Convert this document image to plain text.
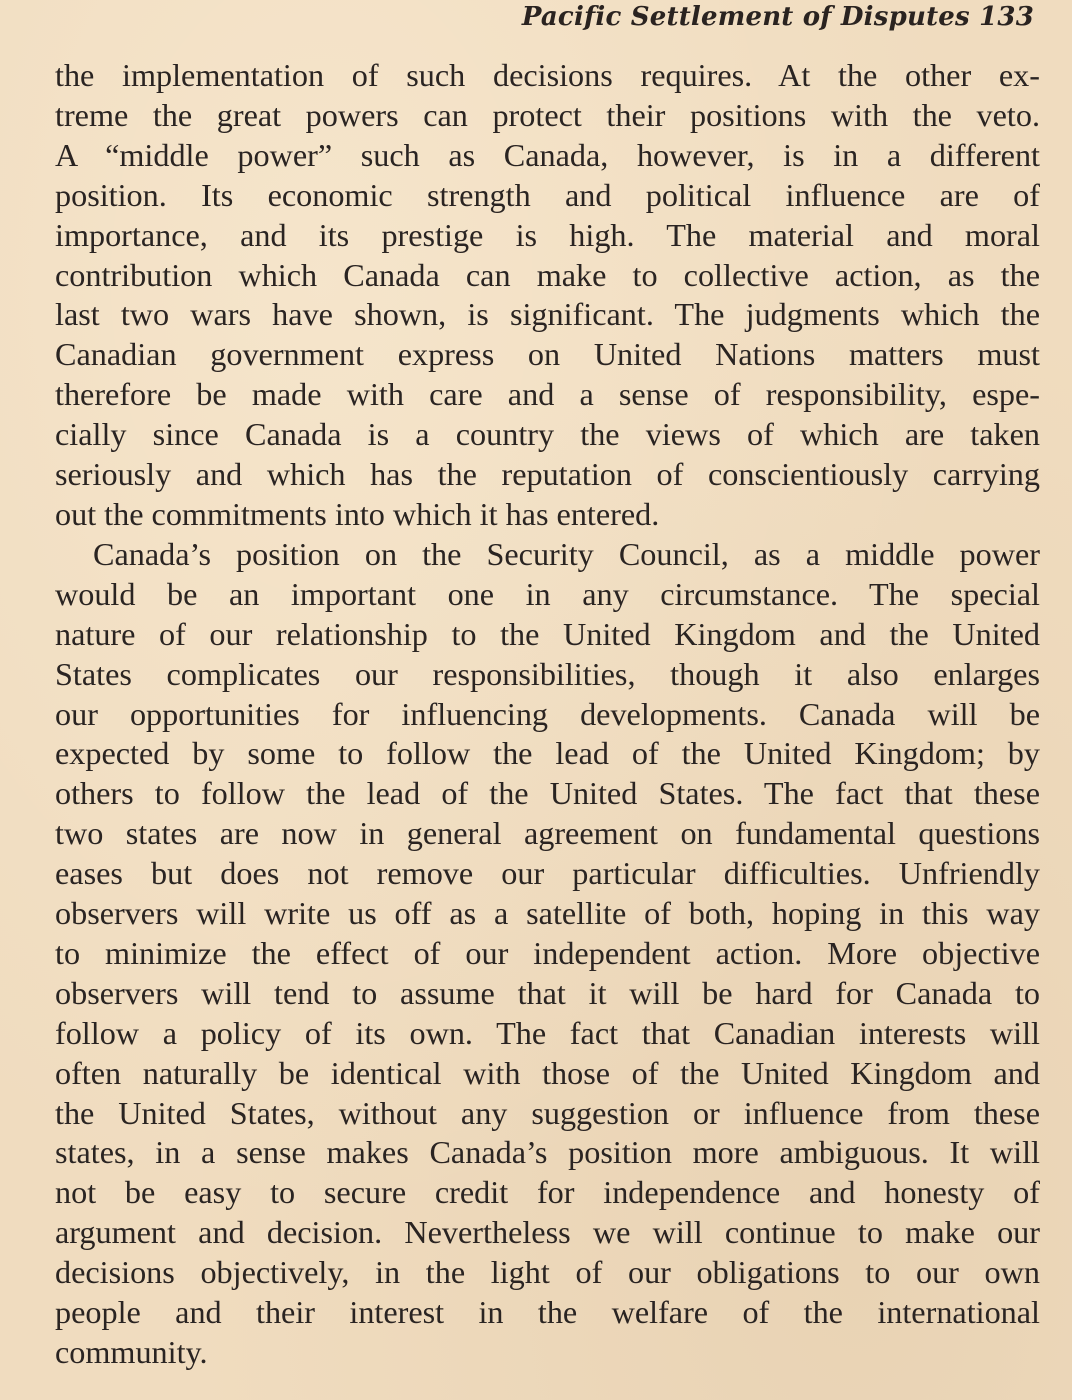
Pacific Settlement of Disputes 133

the implementation of such decisions requires. At the other ex-
treme the great powers can protect their positions with the veto.
A “middle power” such as Canada, however, is in a different
position. Its economic strength and political influence are of
importance, and its prestige is high. The material and moral
contribution which Canada can make to collective action, as the
last two wars have shown, is significant. The judgments which the
Canadian government express on United Nations matters must
therefore be made with care and a sense of responsibility, espe-
cially since Canada is a country the views of which are taken
seriously and which has the reputation of conscientiously carrying
out the commitments into which it has entered.

Canada’s position on the Security Council, as a middle power
would be an important one in any circumstance. The special
nature of our relationship to the United Kingdom and the United
States complicates our responsibilities, though it also enlarges
our opportunities for influencing developments. Canada will be
expected by some to follow the lead of the United Kingdom; by
others to follow the lead of the United States. The fact that these
two states are now in general agreement on fundamental questions
eases but does not remove our particular difficulties. Unfriendly
observers will write us off as a satellite of both, hoping in this way
to minimize the effect of our independent action. More objective
observers will tend to assume that it will be hard for Canada to
follow a policy of its own. The fact that Canadian interests will
often naturally be identical with those of the United Kingdom and
the United States, without any suggestion or influence from these
states, in a sense makes Canada’s position more ambiguous. It will
not be easy to secure credit for independence and honesty of
argument and decision. Nevertheless we will continue to make our
decisions objectively, in the light of our obligations to our own
people and their interest in the welfare of the international
community.
